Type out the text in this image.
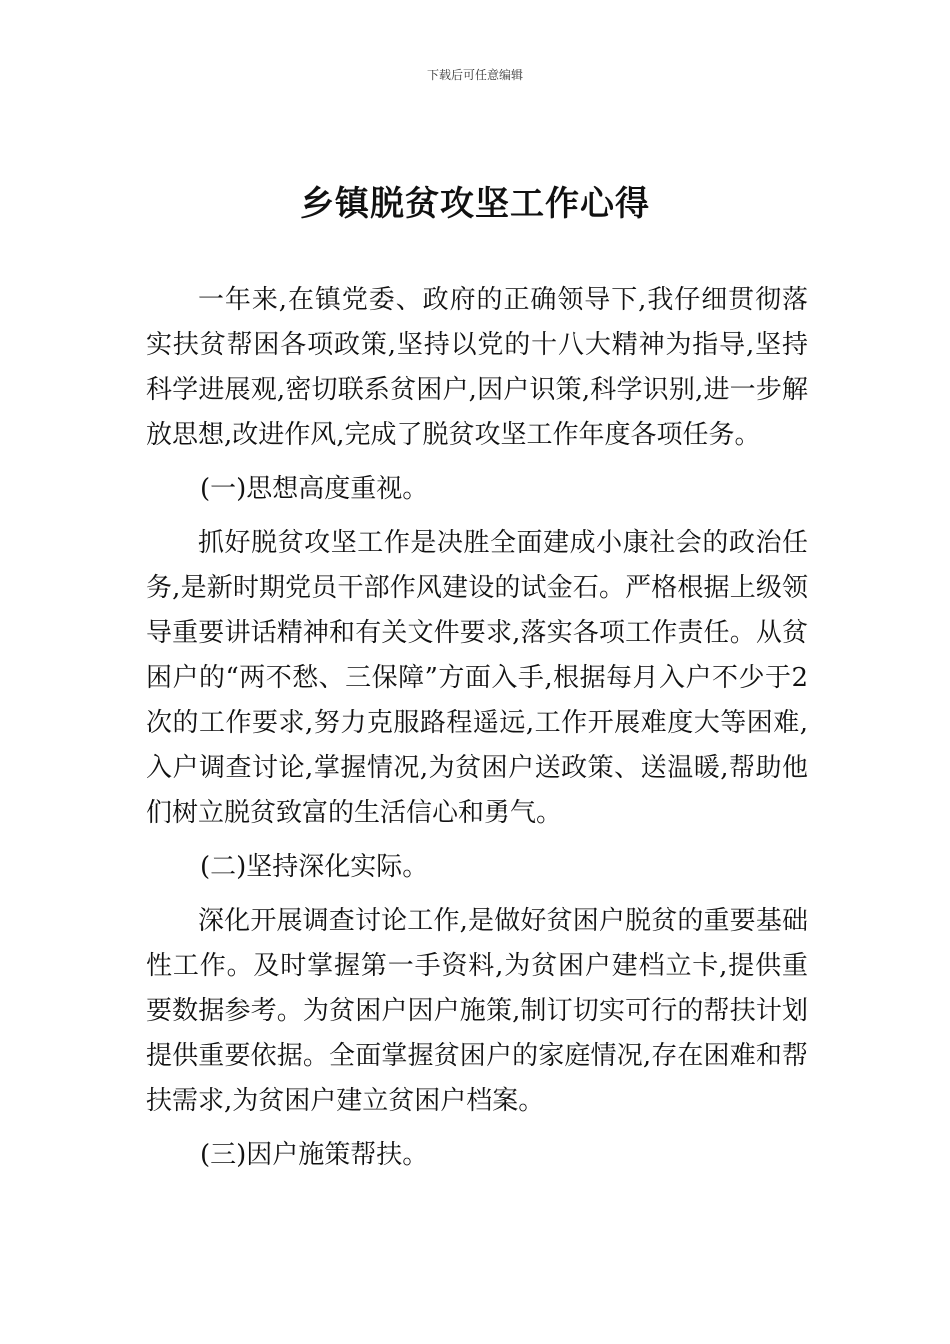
下载后可任意编辑
乡镇脱贫攻坚工作心得

一年来,在镇党委、政府的正确领导下,我仔细贯彻落实扶贫帮困各项政策,坚持以党的十八大精神为指导,坚持科学进展观,密切联系贫困户,因户识策,科学识别,进一步解放思想,改进作风,完成了脱贫攻坚工作年度各项任务。

(一)思想高度重视。

抓好脱贫攻坚工作是决胜全面建成小康社会的政治任务,是新时期党员干部作风建设的试金石。严格根据上级领导重要讲话精神和有关文件要求,落实各项工作责任。从贫困户的“两不愁、三保障”方面入手,根据每月入户不少于2次的工作要求,努力克服路程遥远,工作开展难度大等困难,入户调查讨论,掌握情况,为贫困户送政策、送温暖,帮助他们树立脱贫致富的生活信心和勇气。

(二)坚持深化实际。

深化开展调查讨论工作,是做好贫困户脱贫的重要基础性工作。及时掌握第一手资料,为贫困户建档立卡,提供重要数据参考。为贫困户因户施策,制订切实可行的帮扶计划提供重要依据。全面掌握贫困户的家庭情况,存在困难和帮扶需求,为贫困户建立贫困户档案。

(三)因户施策帮扶。
